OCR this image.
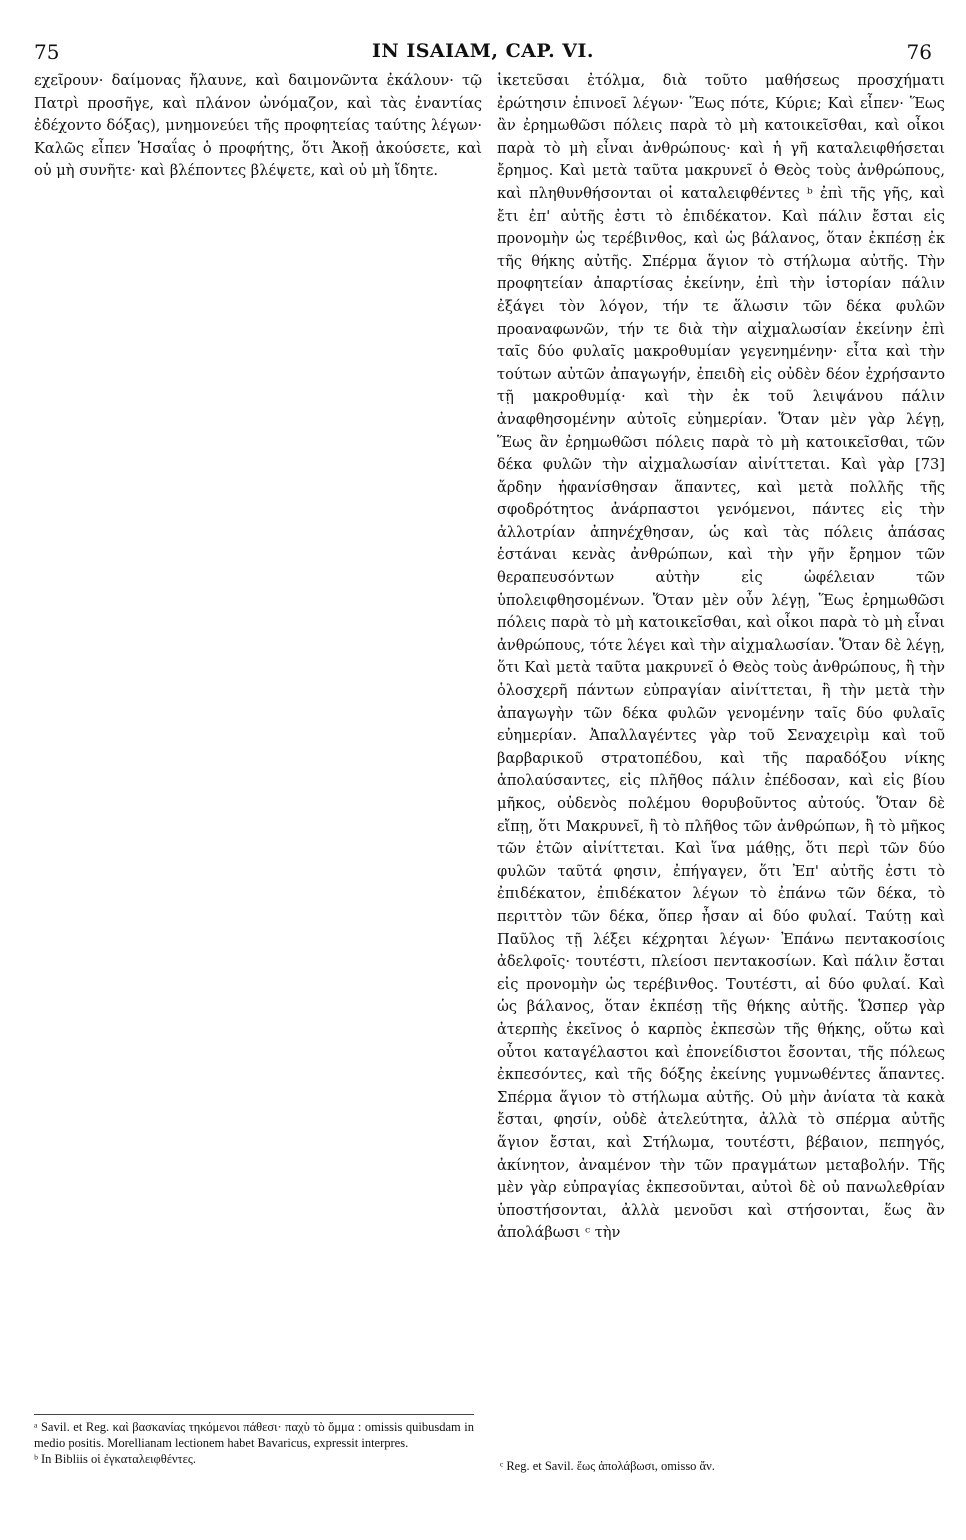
75	IN ISAIAM, CAP. VI.	76

εχεῖρουν· δαίμονας ἤλαυνε, καὶ δαιμονῶντα ἐκάλουν· τῷ Πατρὶ προσῆγε, καὶ πλάνον ὠνόμαζον, καὶ τὰς ἐναντίας ἐδέχοντο δόξας), μνημονεύει τῆς προφητείας ταύτης λέγων· Καλῶς εἶπεν Ἡσαΐας ὁ προφήτης, ὅτι Ἀκοῇ ἀκούσετε, καὶ οὐ μὴ συνῆτε· καὶ βλέποντες βλέψετε, καὶ οὐ μὴ ἴδητε.

ἱκετεῦσαι ἐτόλμα, διὰ τοῦτο μαθήσεως προσχήματι ἐρώτησιν ἐπινοεῖ λέγων· Ἕως πότε, Κύριε; Καὶ εἶπεν· Ἕως ἂν ἐρημωθῶσι πόλεις παρὰ τὸ μὴ κατοικεῖσθαι, καὶ οἶκοι παρὰ τὸ μὴ εἶναι ἀνθρώπους· καὶ ἡ γῆ καταλειφθήσεται ἔρημος. Καὶ μετὰ ταῦτα μακρυνεῖ ὁ Θεὸς τοὺς ἀνθρώπους, καὶ πληθυνθήσονται οἱ καταλειφθέντες ᵇ ἐπὶ τῆς γῆς, καὶ ἔτι ἐπ' αὐτῆς ἐστι τὸ ἐπιδέκατον. Καὶ πάλιν ἔσται εἰς προνομὴν ὡς τερέβινθος, καὶ ὡς βάλανος, ὅταν ἐκπέσῃ ἐκ τῆς θήκης αὐτῆς. Σπέρμα ἅγιον τὸ στήλωμα αὐτῆς. Τὴν προφητείαν ἀπαρτίσας ἐκείνην, ἐπὶ τὴν ἱστορίαν πάλιν ἐξάγει τὸν λόγον, τήν τε ἅλωσιν τῶν δέκα φυλῶν προαναφωνῶν, τήν τε διὰ τὴν αἰχμαλωσίαν ἐκείνην ἐπὶ ταῖς δύο φυλαῖς μακροθυμίαν γεγενημένην· εἶτα καὶ τὴν τούτων αὐτῶν ἀπαγωγήν, ἐπειδὴ εἰς οὐδὲν δέον ἐχρήσαντο τῇ μακροθυμίᾳ· καὶ τὴν ἐκ τοῦ λειψάνου πάλιν ἀναφθησομένην αὐτοῖς εὐημερίαν. Ὅταν μὲν γὰρ λέγῃ, Ἕως ἂν ἐρημωθῶσι πόλεις παρὰ τὸ μὴ κατοικεῖσθαι, τῶν δέκα φυλῶν τὴν αἰχμαλωσίαν αἰνίττεται. Καὶ γὰρ [73] ἄρδην ἠφανίσθησαν ἅπαντες, καὶ μετὰ πολλῆς τῆς σφοδρότητος ἀνάρπαστοι γενόμενοι, πάντες εἰς τὴν ἀλλοτρίαν ἀπηνέχθησαν, ὡς καὶ τὰς πόλεις ἁπάσας ἑστάναι κενὰς ἀνθρώπων, καὶ τὴν γῆν ἔρημον τῶν θεραπευσόντων αὐτὴν εἰς ὠφέλειαν τῶν ὑπολειφθησομένων. Ὅταν μὲν οὖν λέγῃ, Ἕως ἐρημωθῶσι πόλεις παρὰ τὸ μὴ κατοικεῖσθαι, καὶ οἶκοι παρὰ τὸ μὴ εἶναι ἀνθρώπους, τότε λέγει καὶ τὴν αἰχμαλωσίαν. Ὅταν δὲ λέγῃ, ὅτι Καὶ μετὰ ταῦτα μακρυνεῖ ὁ Θεὸς τοὺς ἀνθρώπους, ἢ τὴν ὁλοσχερῆ πάντων εὐπραγίαν αἰνίττεται, ἢ τὴν μετὰ τὴν ἀπαγωγὴν τῶν δέκα φυλῶν γενομένην ταῖς δύο φυλαῖς εὐημερίαν. Ἀπαλλαγέντες γὰρ τοῦ Σεναχειρὶμ καὶ τοῦ βαρβαρικοῦ στρατοπέδου, καὶ τῆς παραδόξου νίκης ἀπολαύσαντες, εἰς πλῆθος πάλιν ἐπέδοσαν, καὶ εἰς βίου μῆκος, οὐδενὸς πολέμου θορυβοῦντος αὐτούς. Ὅταν δὲ εἴπῃ, ὅτι Μακρυνεῖ, ἢ τὸ πλῆθος τῶν ἀνθρώπων, ἢ τὸ μῆκος τῶν ἐτῶν αἰνίττεται. Καὶ ἵνα μάθῃς, ὅτι περὶ τῶν δύο φυλῶν ταῦτά φησιν, ἐπήγαγεν, ὅτι Ἐπ' αὐτῆς ἐστι τὸ ἐπιδέκατον, ἐπιδέκατον λέγων τὸ ἐπάνω τῶν δέκα, τὸ περιττὸν τῶν δέκα, ὅπερ ἦσαν αἱ δύο φυλαί. Ταύτῃ καὶ Παῦλος τῇ λέξει κέχρηται λέγων· Ἐπάνω πεντακοσίοις ἀδελφοῖς· τουτέστι, πλείοσι πεντακοσίων. Καὶ πάλιν ἔσται εἰς προνομὴν ὡς τερέβινθος. Τουτέστι, αἱ δύο φυλαί. Καὶ ὡς βάλανος, ὅταν ἐκπέσῃ τῆς θήκης αὐτῆς. Ὥσπερ γὰρ ἀτερπὴς ἐκεῖνος ὁ καρπὸς ἐκπεσὼν τῆς θήκης, οὕτω καὶ οὗτοι καταγέλαστοι καὶ ἐπονείδιστοι ἔσονται, τῆς πόλεως ἐκπεσόντες, καὶ τῆς δόξης ἐκείνης γυμνωθέντες ἅπαντες. Σπέρμα ἅγιον τὸ στήλωμα αὐτῆς. Οὐ μὴν ἀνίατα τὰ κακὰ ἔσται, φησίν, οὐδὲ ἀτελεύτητα, ἀλλὰ τὸ σπέρμα αὐτῆς ἅγιον ἔσται, καὶ Στήλωμα, τουτέστι, βέβαιον, πεπηγός, ἀκίνητον, ἀναμένον τὴν τῶν πραγμάτων μεταβολήν. Τῆς μὲν γὰρ εὐπραγίας ἐκπεσοῦνται, αὐτοὶ δὲ οὐ πανωλεθρίαν ὑποστήσονται, ἀλλὰ μενοῦσι καὶ στήσονται, ἕως ἂν ἀπολάβωσι ᶜ τὴν

ᵃ Savil. et Reg. καὶ βασκανίας τηκόμενοι πάθεσι· παχὺ τὸ ὄμμα : omissis quibusdam in medio positis. Morellianam lectionem habet Bavaricus, expressit interpres.

ᵇ In Bibliis οἱ ἐγκαταλειφθέντες.	ᶜ Reg. et Savil. ἕως ἀπολάβωσι, omisso ἄν.
